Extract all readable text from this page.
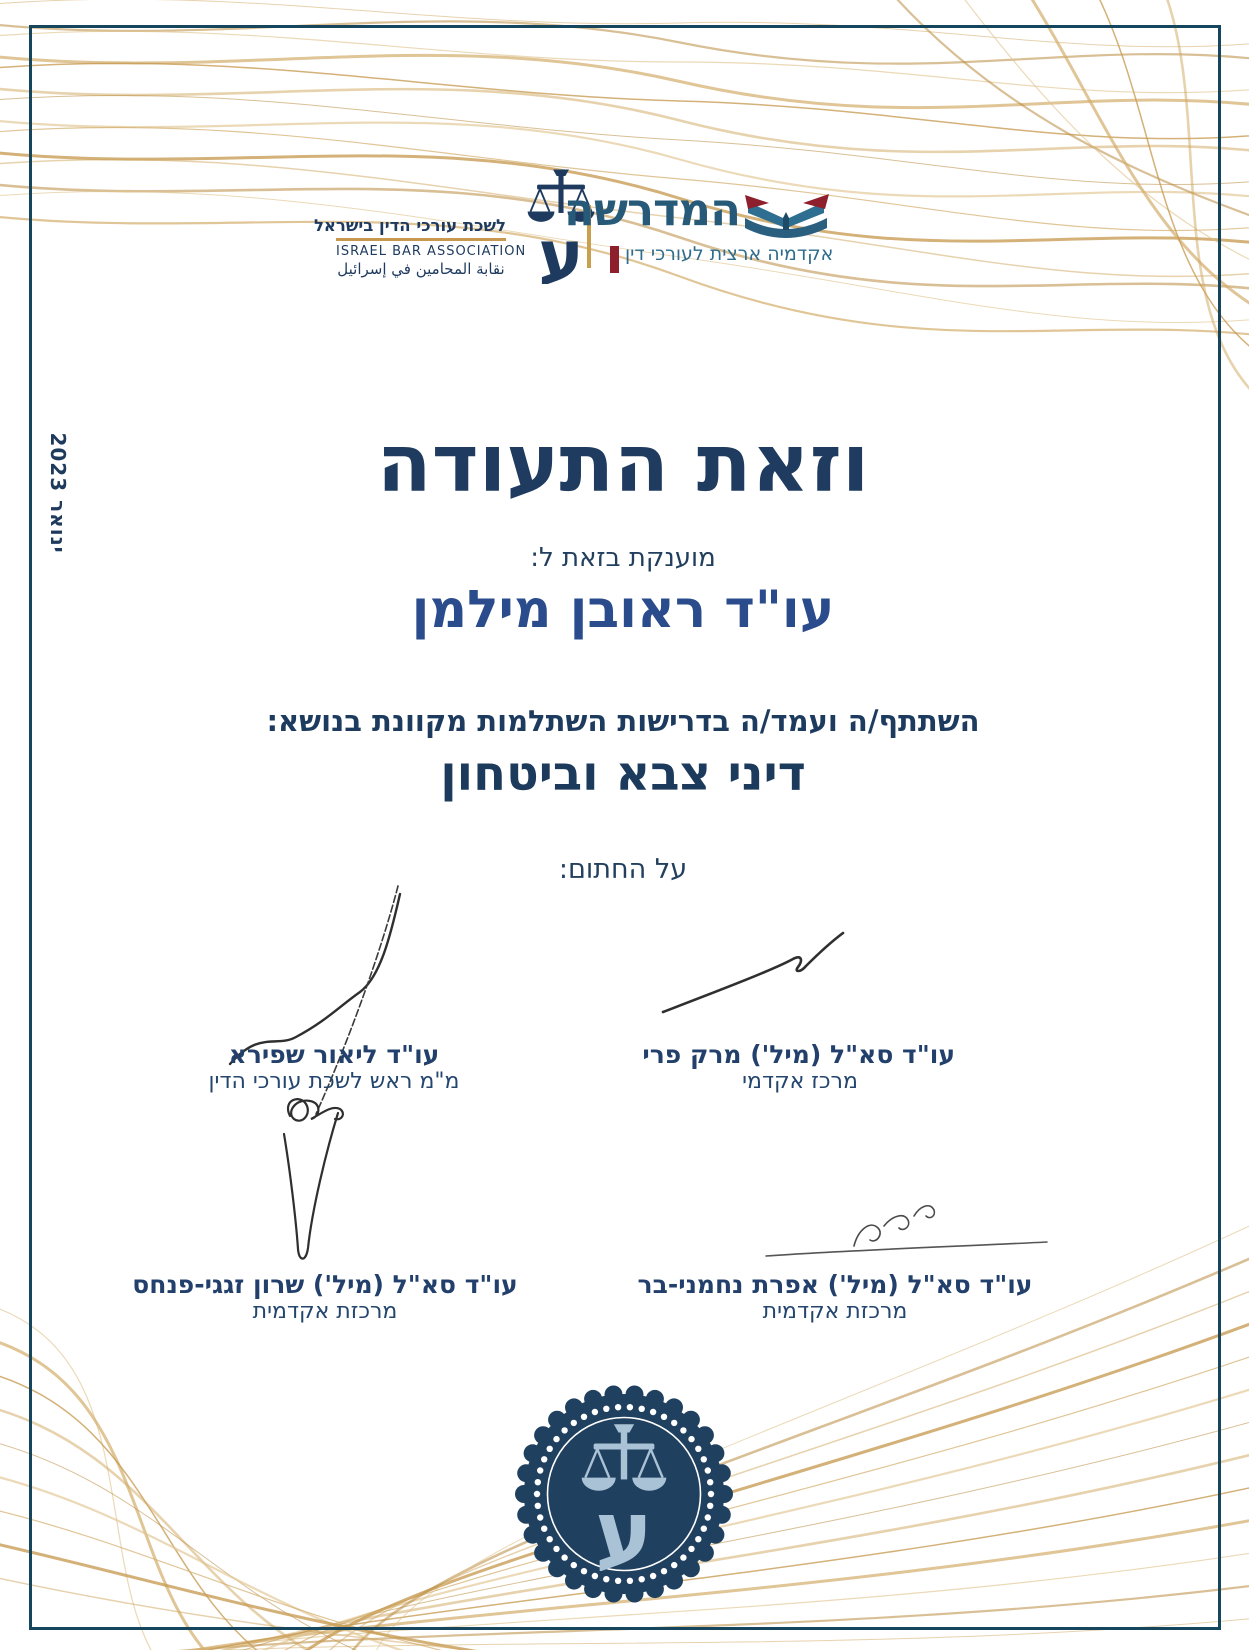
ינואר 2023
לשכת עורכי הדין בישראל
ISRAEL BAR ASSOCIATION
نقابة المحامين في إسرائيل
המדרשה
אקדמיה ארצית לעורכי דין
וזאת התעודה
מוענקת בזאת ל:
עו"ד ראובן מילמן
השתתף/ה ועמד/ה בדרישות השתלמות מקוונת בנושא:
דיני צבא וביטחון
על החתום:
עו"ד ליאור שפירא
מ"מ ראש לשכת עורכי הדין
עו"ד סא"ל (מיל') מרק פרי
מרכז אקדמי
עו"ד סא"ל (מיל') שרון זגגי-פנחס
מרכזת אקדמית
עו"ד סא"ל (מיל') אפרת נחמני-בר
מרכזת אקדמית
